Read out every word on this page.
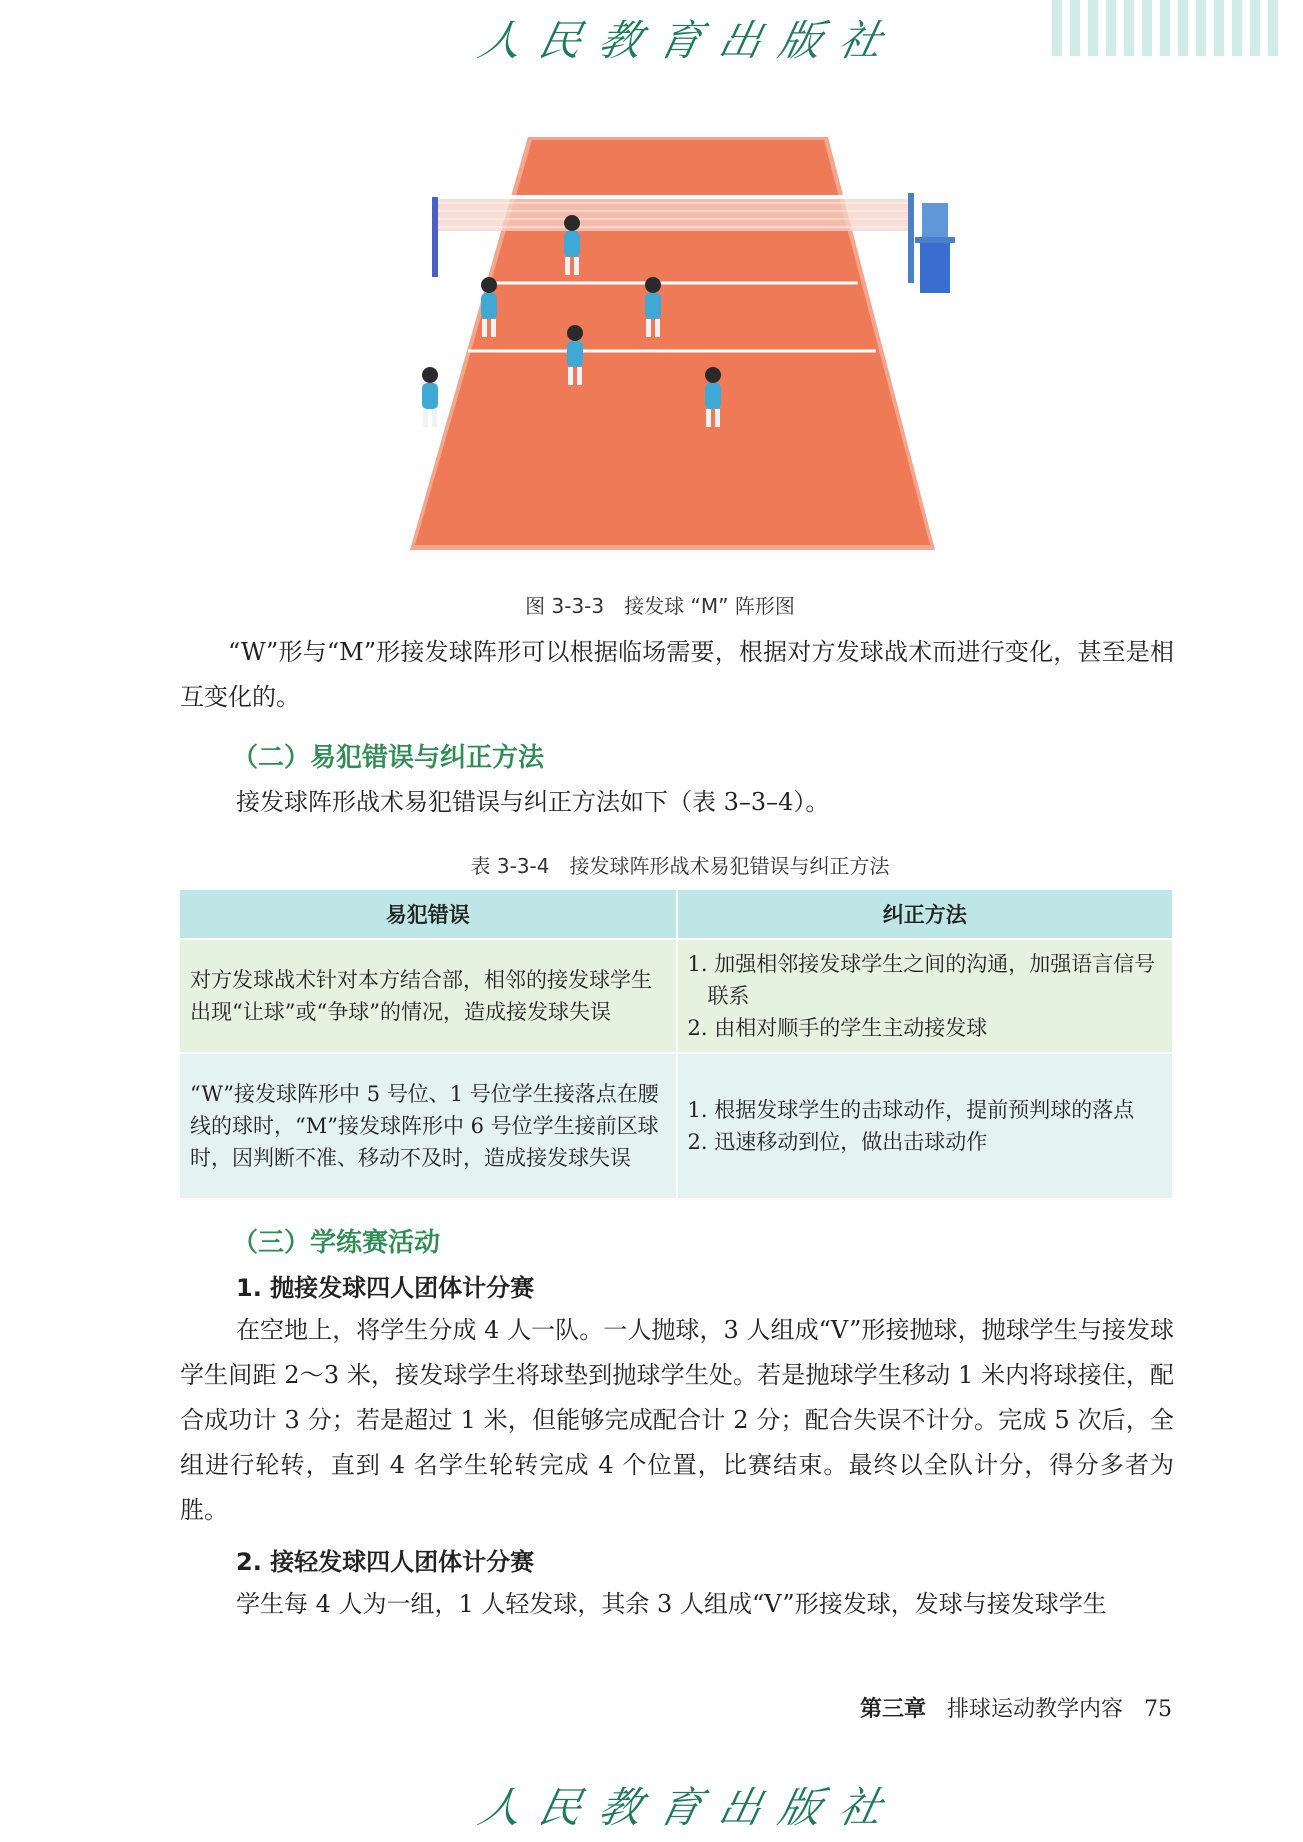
人民教育出版社
图 3-3-3　接发球 “M” 阵形图

“W”形与“M”形接发球阵形可以根据临场需要，根据对方发球战术而进行变化，甚至是相互变化的。

（二）易犯错误与纠正方法

接发球阵形战术易犯错误与纠正方法如下（表 3–3–4）。

表 3-3-4　接发球阵形战术易犯错误与纠正方法
易犯错误	纠正方法
对方发球战术针对本方结合部，相邻的接发球学生出现“让球”或“争球”的情况，造成接发球失误	1. 加强相邻接发球学生之间的沟通，加强语言信号联系
2. 由相对顺手的学生主动接发球

“W”接发球阵形中 5 号位、1 号位学生接落点在腰线的球时，“M”接发球阵形中 6 号位学生接前区球时，因判断不准、移动不及时，造成接发球失误	1. 根据发球学生的击球动作，提前预判球的落点
2. 迅速移动到位，做出击球动作
（三）学练赛活动
1. 抛接发球四人团体计分赛

在空地上，将学生分成 4 人一队。一人抛球，3 人组成“V”形接抛球，抛球学生与接发球学生间距 2～3 米，接发球学生将球垫到抛球学生处。若是抛球学生移动 1 米内将球接住，配合成功计 3 分；若是超过 1 米，但能够完成配合计 2 分；配合失误不计分。完成 5 次后，全组进行轮转，直到 4 名学生轮转完成 4 个位置，比赛结束。最终以全队计分，得分多者为胜。

2. 接轻发球四人团体计分赛

学生每 4 人为一组，1 人轻发球，其余 3 人组成“V”形接发球，发球与接发球学生

第三章 排球运动教学内容 75
人民教育出版社
